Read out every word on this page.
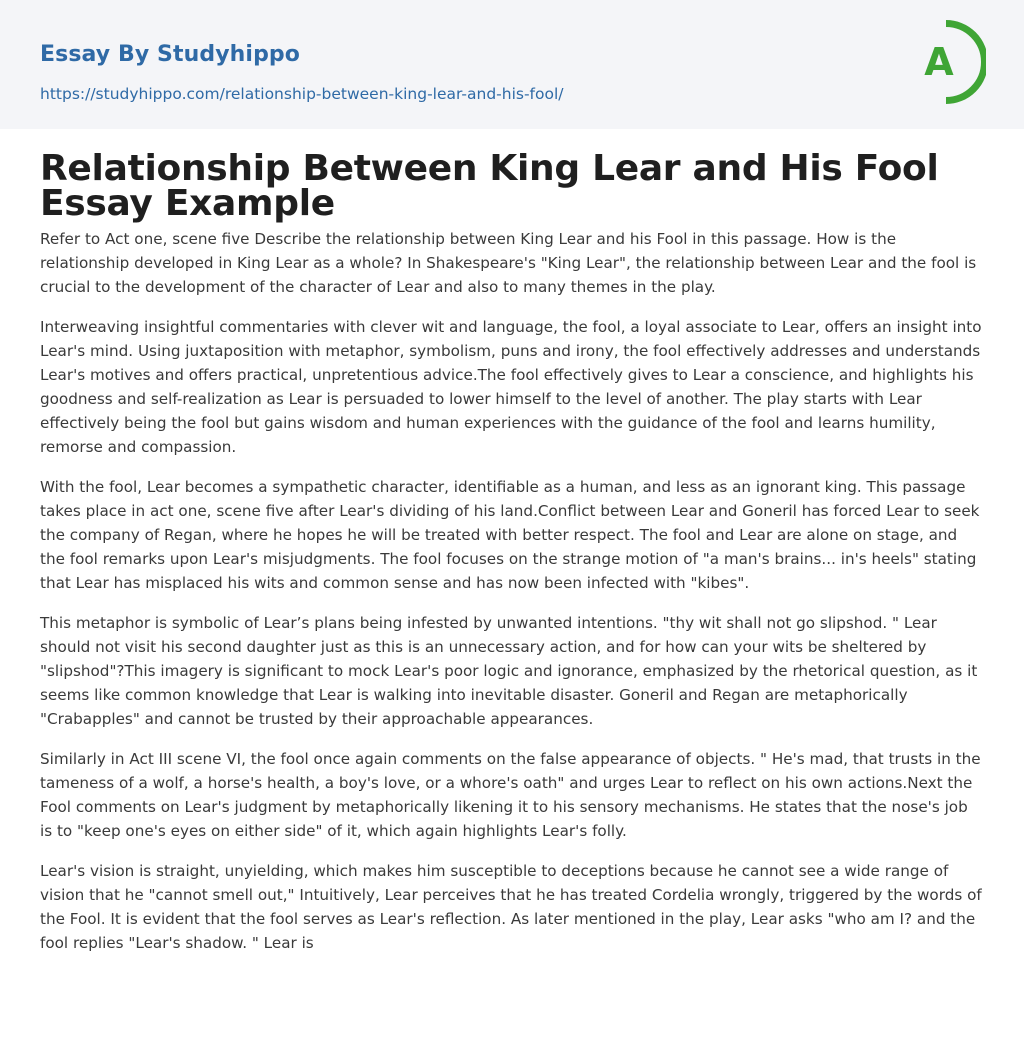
Essay By Studyhippo
https://studyhippo.com/relationship-between-king-lear-and-his-fool/
A
Relationship Between King Lear and His Fool Essay Example

Refer to Act one, scene five Describe the relationship between King Lear and his Fool in this passage. How is the relationship developed in King Lear as a whole? In Shakespeare's "King Lear", the relationship between Lear and the fool is crucial to the development of the character of Lear and also to many themes in the play.

Interweaving insightful commentaries with clever wit and language, the fool, a loyal associate to Lear, offers an insight into Lear's mind. Using juxtaposition with metaphor, symbolism, puns and irony, the fool effectively addresses and understands Lear's motives and offers practical, unpretentious advice.The fool effectively gives to Lear a conscience, and highlights his goodness and self-realization as Lear is persuaded to lower himself to the level of another. The play starts with Lear effectively being the fool but gains wisdom and human experiences with the guidance of the fool and learns humility, remorse and compassion.

With the fool, Lear becomes a sympathetic character, identifiable as a human, and less as an ignorant king. This passage takes place in act one, scene five after Lear's dividing of his land.Conflict between Lear and Goneril has forced Lear to seek the company of Regan, where he hopes he will be treated with better respect. The fool and Lear are alone on stage, and the fool remarks upon Lear's misjudgments. The fool focuses on the strange motion of "a man's brains... in's heels" stating that Lear has misplaced his wits and common sense and has now been infected with "kibes".

This metaphor is symbolic of Lear’s plans being infested by unwanted intentions. "thy wit shall not go slipshod. " Lear should not visit his second daughter just as this is an unnecessary action, and for how can your wits be sheltered by "slipshod"?This imagery is significant to mock Lear's poor logic and ignorance, emphasized by the rhetorical question, as it seems like common knowledge that Lear is walking into inevitable disaster. Goneril and Regan are metaphorically "Crabapples" and cannot be trusted by their approachable appearances.

Similarly in Act III scene VI, the fool once again comments on the false appearance of objects. " He's mad, that trusts in the tameness of a wolf, a horse's health, a boy's love, or a whore's oath" and urges Lear to reflect on his own actions.Next the Fool comments on Lear's judgment by metaphorically likening it to his sensory mechanisms. He states that the nose's job is to "keep one's eyes on either side" of it, which again highlights Lear's folly.

Lear's vision is straight, unyielding, which makes him susceptible to deceptions because he cannot see a wide range of vision that he "cannot smell out," Intuitively, Lear perceives that he has treated Cordelia wrongly, triggered by the words of the Fool. It is evident that the fool serves as Lear's reflection. As later mentioned in the play, Lear asks "who am I? and the fool replies "Lear's shadow. " Lear is
